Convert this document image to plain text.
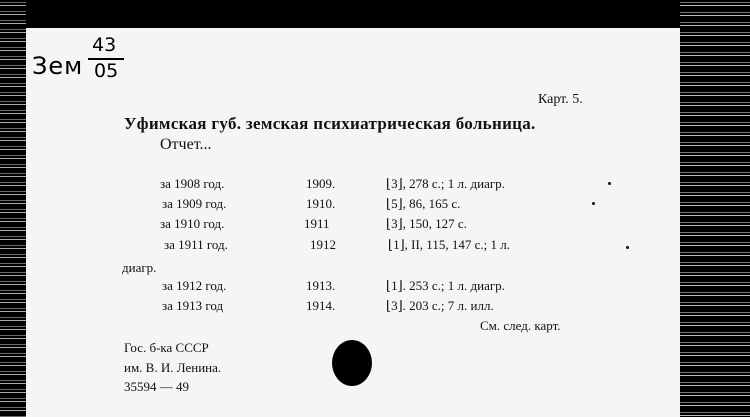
Зем
43
05
Карт. 5.
Уфимская губ. земская психиатрическая больница.
Отчет...
за 1908 год.	1909.	⌊3⌋, 278 с.; 1 л. диагр.
за 1909 год.	1910.	⌊5⌋, 86, 165 с.
за 1910 год.	1911	⌊3⌋, 150, 127 с.
за 1911 год.	1912	⌊1⌋, II, 115, 147 с.; 1 л.
диагр.
за 1912 год.	1913.	⌊1⌋. 253 с.; 1 л. диагр.
за 1913 год	1914.	⌊3⌋. 203 с.; 7 л. илл.
См. след. карт.
Гос. б-ка СССР
им. В. И. Ленина.
35594 — 49
